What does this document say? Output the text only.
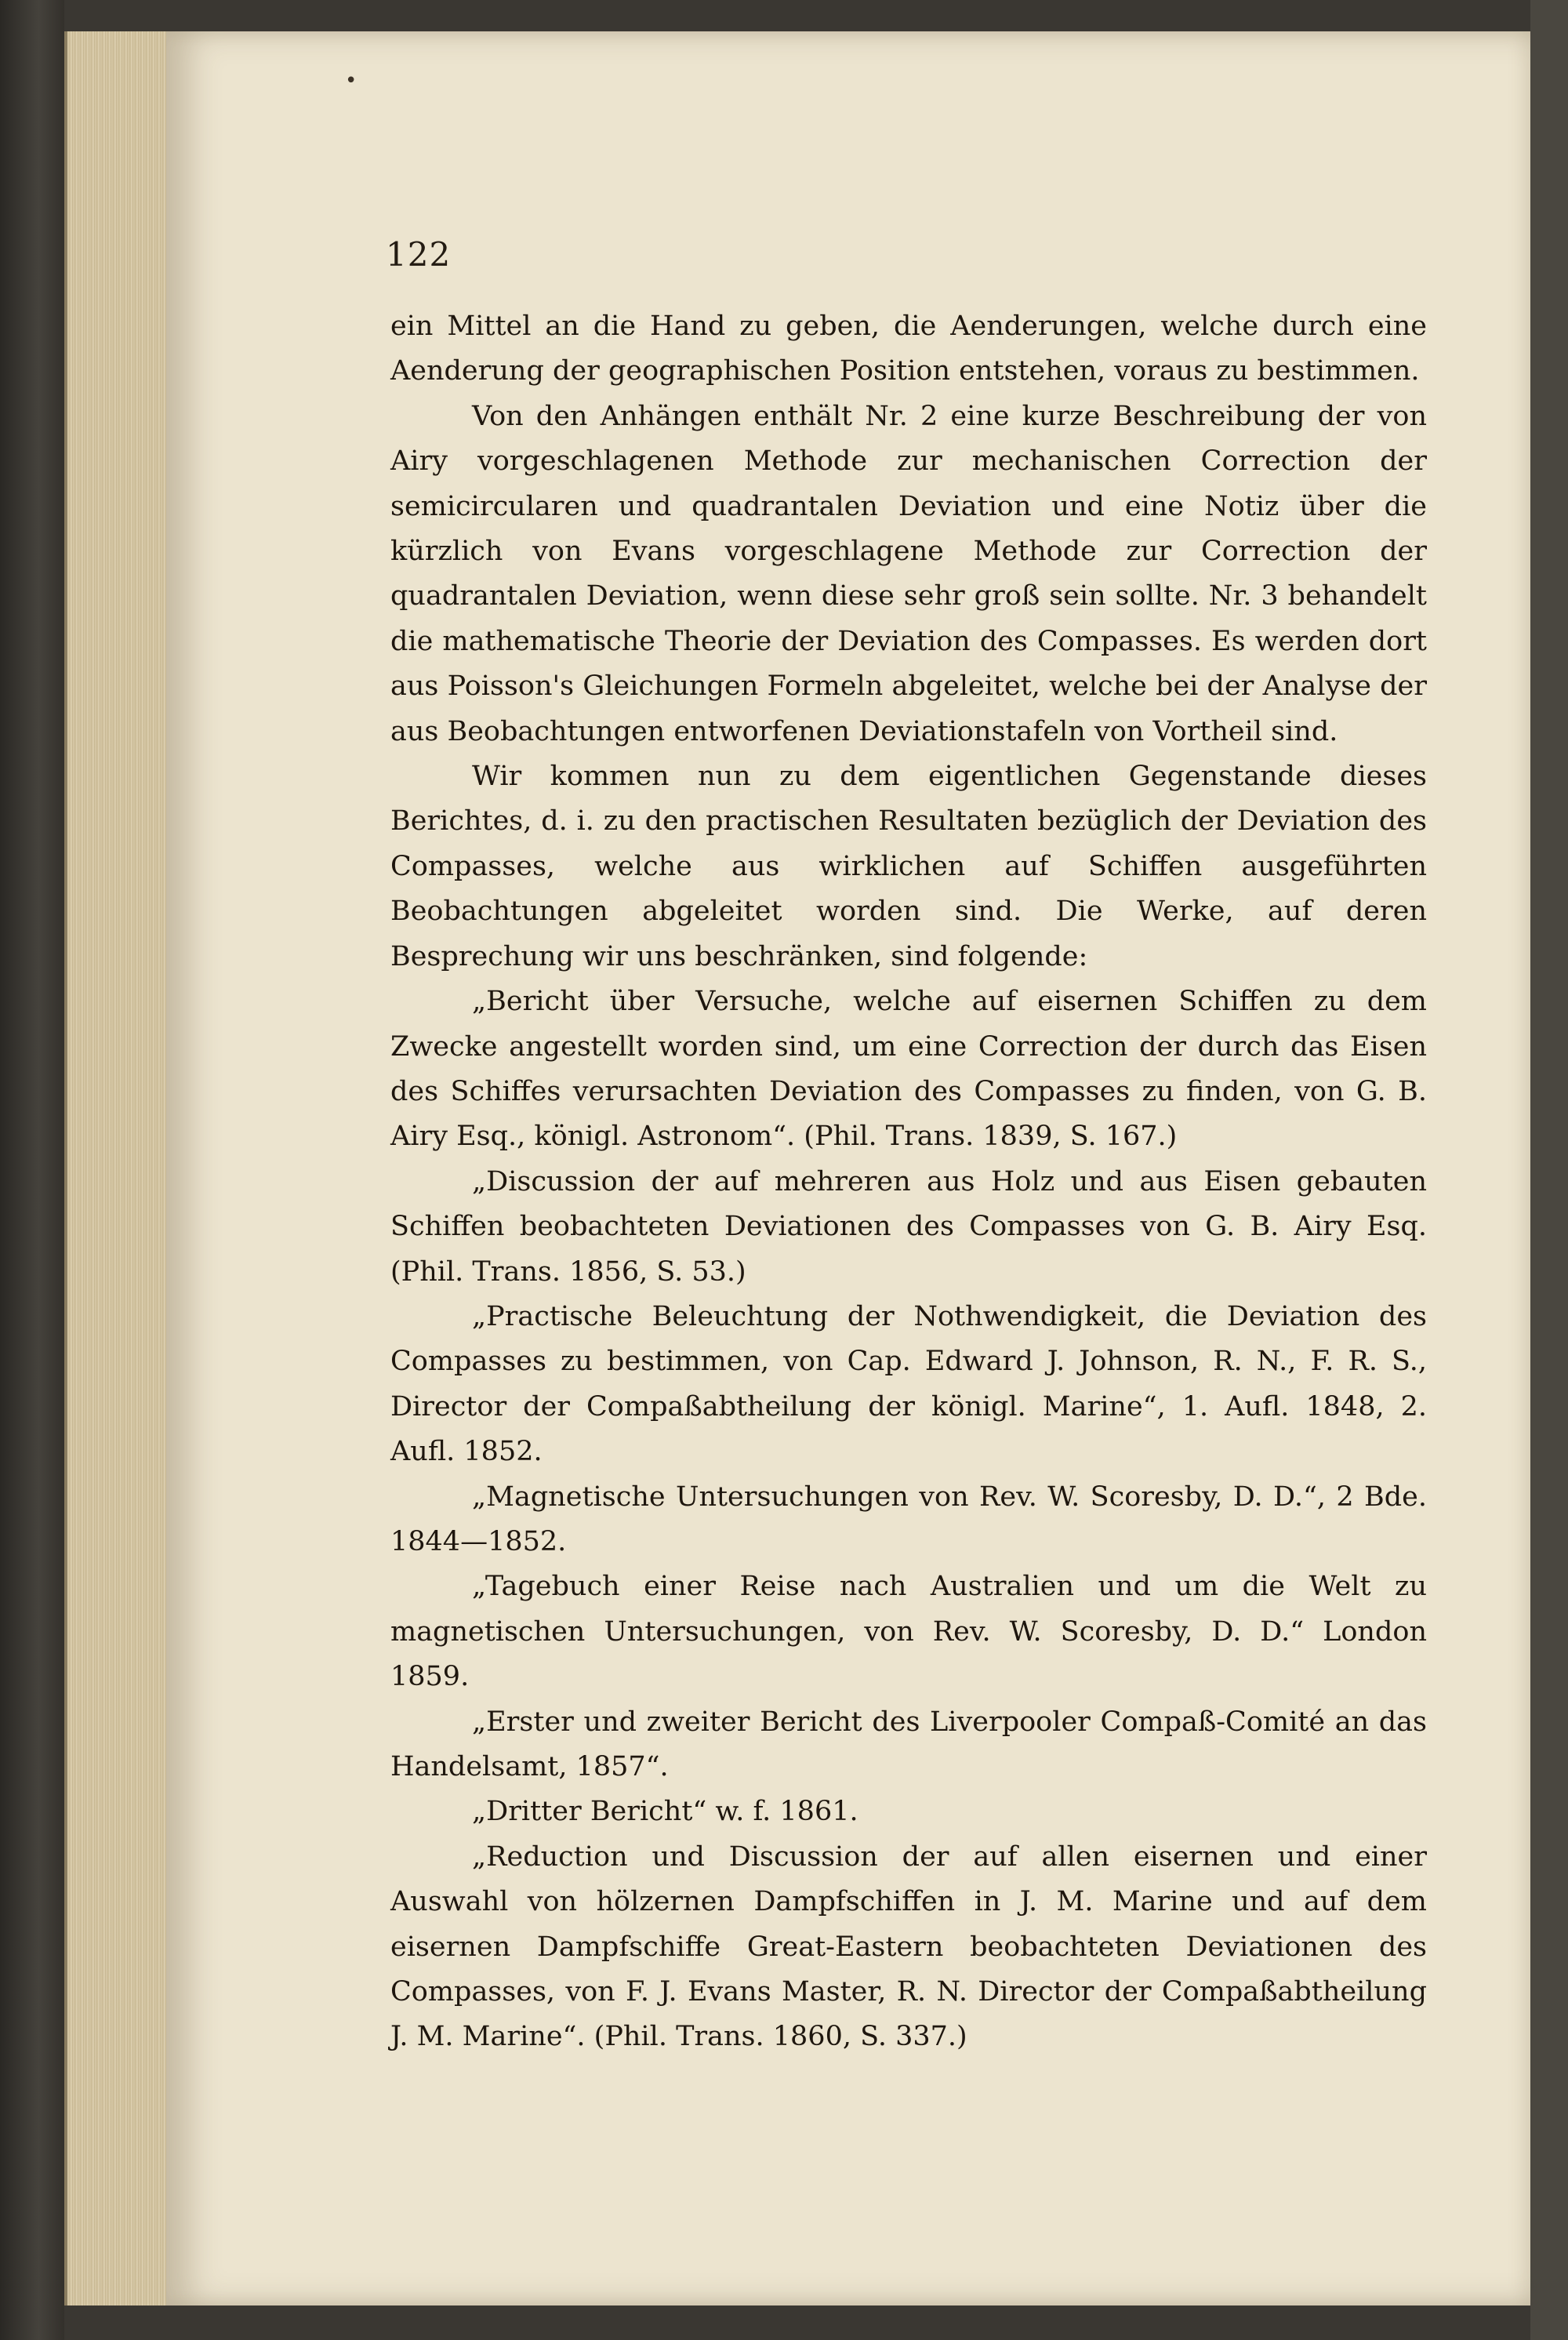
•
122

ein Mittel an die Hand zu geben, die Aenderungen, welche durch eine Aenderung der geographischen Position entstehen, voraus zu bestimmen.

Von den Anhängen enthält Nr. 2 eine kurze Beschreibung der von Airy vorgeschlagenen Methode zur mechanischen Correction der semicircularen und quadrantalen Deviation und eine Notiz über die kürzlich von Evans vorgeschlagene Methode zur Correction der quadrantalen Deviation, wenn diese sehr groß sein sollte. Nr. 3 behandelt die mathematische Theorie der Deviation des Compasses. Es werden dort aus Poisson's Gleichungen Formeln abgeleitet, welche bei der Analyse der aus Beobachtungen entworfenen Deviationstafeln von Vortheil sind.

Wir kommen nun zu dem eigentlichen Gegenstande dieses Berichtes, d. i. zu den practischen Resultaten bezüglich der Deviation des Compasses, welche aus wirklichen auf Schiffen ausgeführten Beobachtungen abgeleitet worden sind. Die Werke, auf deren Besprechung wir uns beschränken, sind folgende:

„Bericht über Versuche, welche auf eisernen Schiffen zu dem Zwecke angestellt worden sind, um eine Correction der durch das Eisen des Schiffes verursachten Deviation des Compasses zu finden, von G. B. Airy Esq., königl. Astronom“. (Phil. Trans. 1839, S. 167.)

„Discussion der auf mehreren aus Holz und aus Eisen gebauten Schiffen beobachteten Deviationen des Compasses von G. B. Airy Esq. (Phil. Trans. 1856, S. 53.)

„Practische Beleuchtung der Nothwendigkeit, die Deviation des Compasses zu bestimmen, von Cap. Edward J. Johnson, R. N., F. R. S., Director der Compaßabtheilung der königl. Marine“, 1. Aufl. 1848, 2. Aufl. 1852.

„Magnetische Untersuchungen von Rev. W. Scoresby, D. D.“, 2 Bde. 1844—1852.

„Tagebuch einer Reise nach Australien und um die Welt zu magnetischen Untersuchungen, von Rev. W. Scoresby, D. D.“ London 1859.

„Erster und zweiter Bericht des Liverpooler Compaß-Comité an das Handelsamt, 1857“.

„Dritter Bericht“ w. f. 1861.

„Reduction und Discussion der auf allen eisernen und einer Auswahl von hölzernen Dampfschiffen in J. M. Marine und auf dem eisernen Dampfschiffe Great-Eastern beobachteten Deviationen des Compasses, von F. J. Evans Master, R. N. Director der Compaßabtheilung J. M. Marine“. (Phil. Trans. 1860, S. 337.)
